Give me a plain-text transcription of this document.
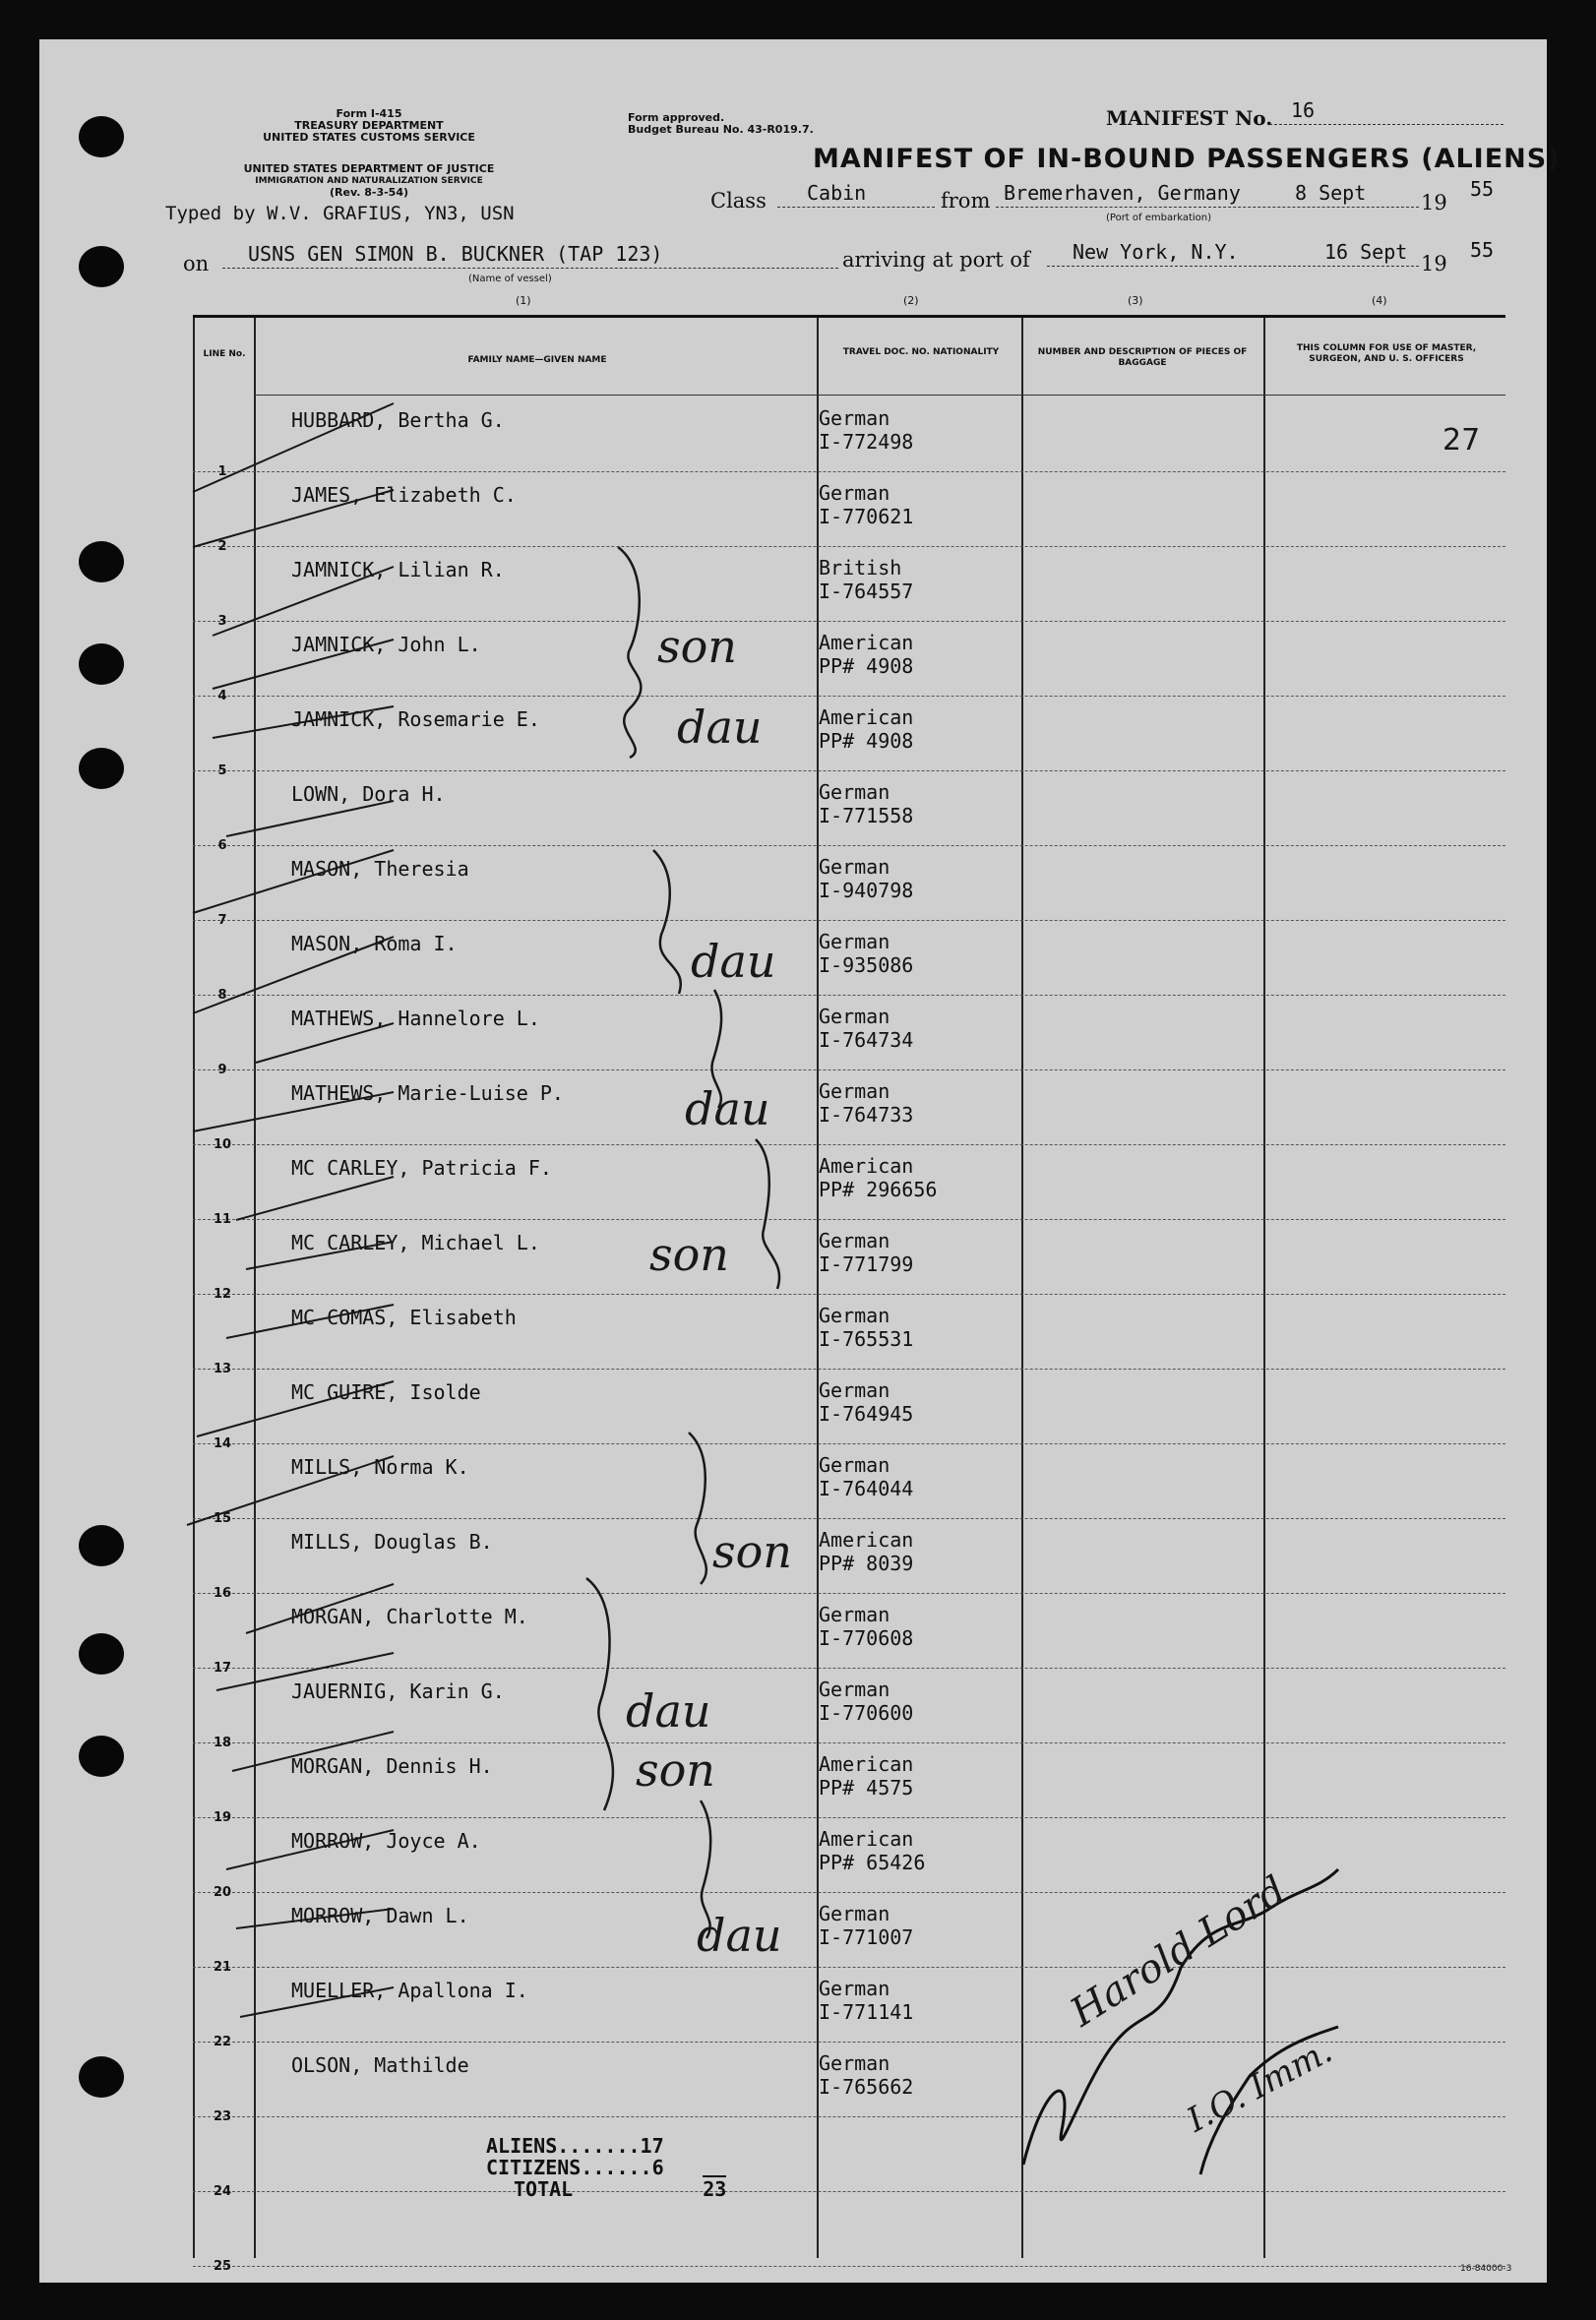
Form I-415
TREASURY DEPARTMENT
UNITED STATES CUSTOMS SERVICE
UNITED STATES DEPARTMENT OF JUSTICE
IMMIGRATION AND NATURALIZATION SERVICE
(Rev. 8-3-54)
Form approved.
Budget Bureau No. 43-R019.7.	MANIFEST No. 16
MANIFEST OF IN-BOUND PASSENGERS (ALIENS)
Typed by W.V. GRAFIUS, YN3, USN
Class Cabin	from Bremerhaven, Germany	8 Sept	19
55
(Port of embarkation)
on USNS GEN SIMON B. BUCKNER (TAP 123)
(Name of vessel)
arriving at port of New York, N.Y.	16 Sept 19
55
(1)	(2)	(3)	(4)
LINE No.
FAMILY NAME—GIVEN NAME
TRAVEL DOC. NO. NATIONALITY	NUMBER AND DESCRIPTION OF PIECES OF BAGGAGE
THIS COLUMN FOR USE OF MASTER, SURGEON, AND U. S. OFFICERS
1
HUBBARD, Bertha G.	German
I-772498
2
JAMES, Elizabeth C.	German
I-770621
3
JAMNICK, Lilian R.	British
I-764557
4
JAMNICK, John L.	American
PP# 4908
5
JAMNICK, Rosemarie E.	American
PP# 4908
6
LOWN, Dora H.	German
I-771558
7
MASON, Theresia	German
I-940798
8
MASON, Roma I.	German
I-935086
9
MATHEWS, Hannelore L.	German
I-764734
10
MATHEWS, Marie-Luise P.	German
I-764733
11
MC CARLEY, Patricia F.	American
PP# 296656
12
MC CARLEY, Michael L.	German
I-771799
13
MC COMAS, Elisabeth	German
I-765531
14
MC GUIRE, Isolde	German
I-764945
15
MILLS, Norma K.	German
I-764044
16
MILLS, Douglas B.	American
PP# 8039
17
MORGAN, Charlotte M.	German
I-770608
18
JAUERNIG, Karin G.	German
I-770600
19
MORGAN, Dennis H.	American
PP# 4575
20
MORROW, Joyce A.	American
PP# 65426
21
MORROW, Dawn L.	German
I-771007
22
MUELLER, Apallona I.	German
I-771141
23
OLSON, Mathilde	German
I-765662
24
25
ALIENS.......17
CITIZENS......6
TOTAL	23
27
son
dau
dau
dau
son
son
dau
son
dau	Harold Lord
I.O. Imm.
16-84000-3
